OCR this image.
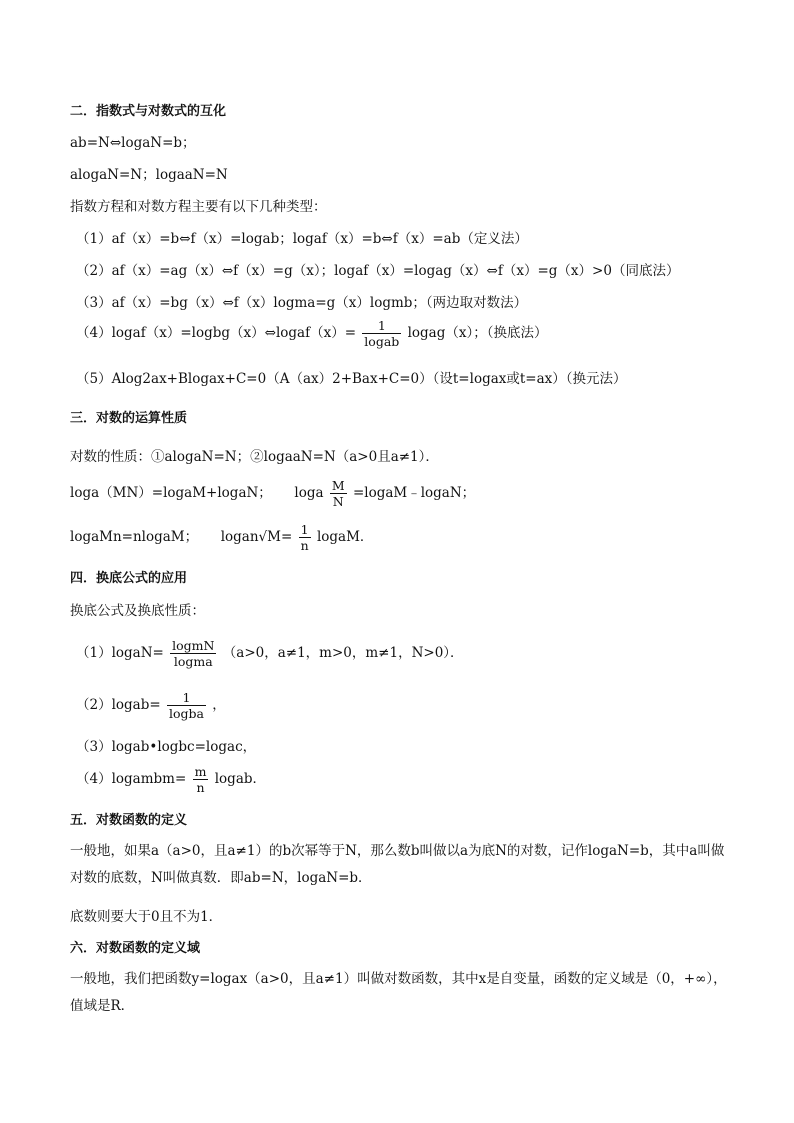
二．指数式与对数式的互化
ab=N⇔logaN=b；
alogaN=N；logaaN=N
指数方程和对数方程主要有以下几种类型：
（1）af（x）=b⇔f（x）=logab；logaf（x）=b⇔f（x）=ab（定义法）
（2）af（x）=ag（x）⇔f（x）=g（x）；logaf（x）=logag（x）⇔f（x）=g（x）>0（同底法）
（3）af（x）=bg（x）⇔f（x）logma=g（x）logmb；（两边取对数法）
（4）logaf（x）=logbg（x）⇔logaf（x）= $\frac{1}{\text{logab}}$ logag（x）；（换底法）
（5）Alog2ax+Blogax+C=0（A（ax）2+Bax+C=0）（设t=logax或t=ax）（换元法）
三．对数的运算性质
对数的性质：①alogaN=N；②logaaN=N（a>0且a≠1）．
loga（MN）=logaM+logaN； loga $\frac{M}{N}$ =logaM﹣logaN；
logaMn=nlogaM； logan√M= $\frac{1}{n}$ logaM．
四．换底公式的应用
换底公式及换底性质：
（1）logaN= $\frac{\text{logmN}}{\text{logma}} (a>0$，a≠1，m>0，m≠1，N>0）．
（2）logab= $\frac{1}{\text{logba}}$ ，
（3）logab•logbc=logac，
（4）logambm= $\frac{m}{n}$ logab．
五．对数函数的定义
一般地，如果a（a>0，且a≠1）的b次幂等于N，那么数b叫做以a为底N的对数，记作logaN=b，其中a叫做对数的底数，N叫做真数．即ab=N，logaN=b．
底数则要大于0且不为1．
六．对数函数的定义域
一般地，我们把函数y=logax（a>0，且a≠1）叫做对数函数，其中x是自变量，函数的定义域是（0，+∞），值域是R．
